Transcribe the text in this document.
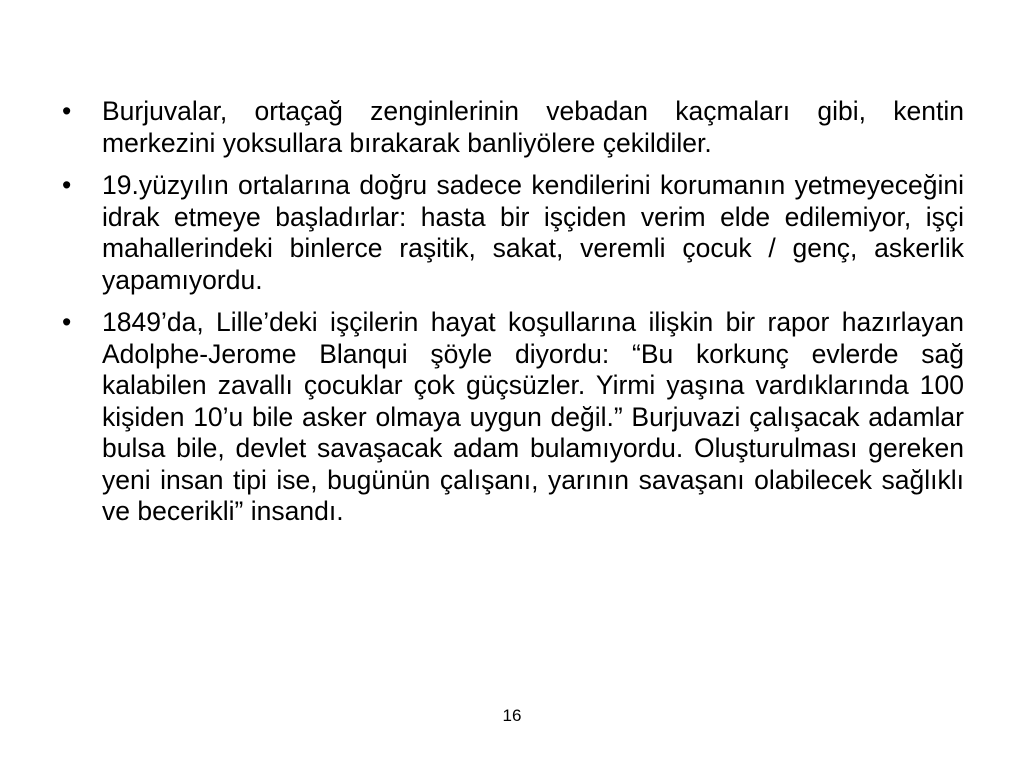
•	Burjuvalar, ortaçağ zenginlerinin vebadan kaçmaları gibi, kentin merkezini yoksullara bırakarak banliyölere çekildiler.
•	19.yüzyılın ortalarına doğru sadece kendilerini korumanın yetmeyeceğini idrak etmeye başladırlar: hasta bir işçiden verim elde edilemiyor, işçi mahallerindeki binlerce raşitik, sakat, veremli çocuk / genç, askerlik yapamıyordu.
•	1849’da, Lille’deki işçilerin hayat koşullarına ilişkin bir rapor hazırlayan Adolphe-Jerome Blanqui şöyle diyordu: “Bu korkunç evlerde sağ kalabilen zavallı çocuklar çok güçsüzler. Yirmi yaşına vardıklarında 100 kişiden 10’u bile asker olmaya uygun değil.” Burjuvazi çalışacak adamlar bulsa bile, devlet savaşacak adam bulamıyordu. Oluşturulması gereken yeni insan tipi ise, bugünün çalışanı, yarının savaşanı olabilecek sağlıklı ve becerikli” insandı.
16
